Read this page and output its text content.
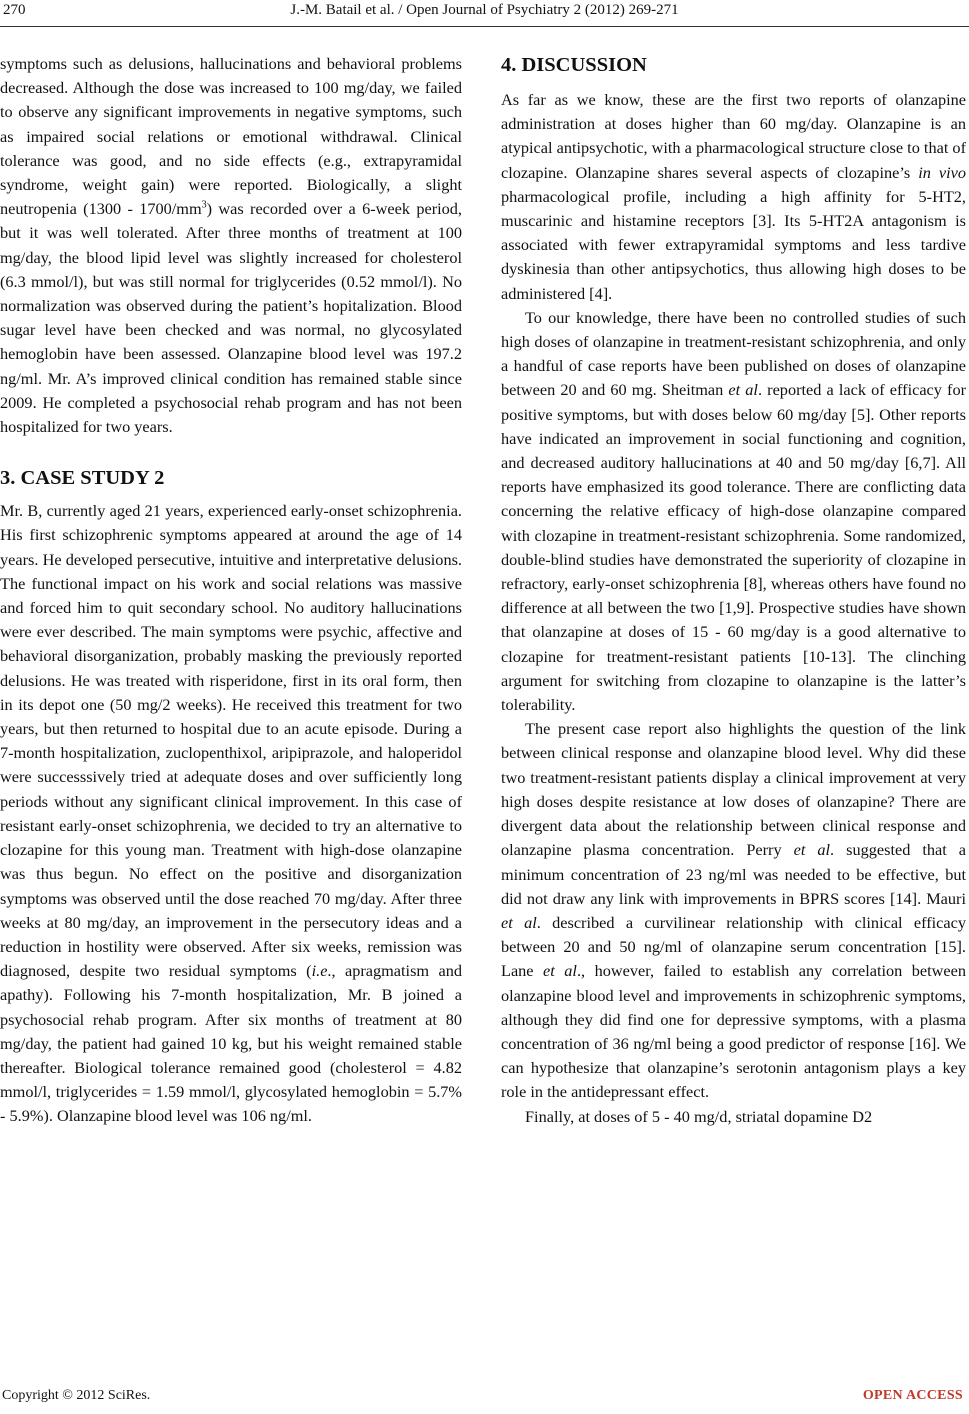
270	J.-M. Batail et al. / Open Journal of Psychiatry 2 (2012) 269-271

symptoms such as delusions, hallucinations and behavioral problems decreased. Although the dose was increased to 100 mg/day, we failed to observe any significant improvements in negative symptoms, such as impaired social relations or emotional withdrawal. Clinical tolerance was good, and no side effects (e.g., extrapyramidal syndrome, weight gain) were reported. Biologically, a slight neutropenia $(1300 - 1700/mm^3)$ was recorded over a 6-week period, but it was well tolerated. After three months of treatment at 100 mg/day, the blood lipid level was slightly increased for cholesterol (6.3 mmol/l), but was still normal for triglycerides (0.52 mmol/l). No normalization was observed during the patient’s hopitalization. Blood sugar level have been checked and was normal, no glycosylated hemoglobin have been assessed. Olanzapine blood level was 197.2 ng/ml. Mr. A’s improved clinical condition has remained stable since 2009. He completed a psychosocial rehab program and has not been hospitalized for two years.

3. CASE STUDY 2

Mr. B, currently aged 21 years, experienced early-onset schizophrenia. His first schizophrenic symptoms appeared at around the age of 14 years. He developed persecutive, intuitive and interpretative delusions. The functional impact on his work and social relations was massive and forced him to quit secondary school. No auditory hallucinations were ever described. The main symptoms were psychic, affective and behavioral disorganization, probably masking the previously reported delusions. He was treated with risperidone, first in its oral form, then in its depot one (50 mg/2 weeks). He received this treatment for two years, but then returned to hospital due to an acute episode. During a 7-month hospitalization, zuclopenthixol, aripiprazole, and haloperidol were successsively tried at adequate doses and over sufficiently long periods without any significant clinical improvement. In this case of resistant early-onset schizophrenia, we decided to try an alternative to clozapine for this young man. Treatment with high-dose olanzapine was thus begun. No effect on the positive and disorganization symptoms was observed until the dose reached 70 mg/day. After three weeks at 80 mg/day, an improvement in the persecutory ideas and a reduction in hostility were observed. After six weeks, remission was diagnosed, despite two residual symptoms (i.e., apragmatism and apathy). Following his 7-month hospitalization, Mr. B joined a psychosocial rehab program. After six months of treatment at 80 mg/day, the patient had gained 10 kg, but his weight remained stable thereafter. Biological tolerance remained good (cholesterol = 4.82 mmol/l, triglycerides = 1.59 mmol/l, glycosylated hemoglobin = 5.7% - 5.9%). Olanzapine blood level was 106 ng/ml.

4. DISCUSSION

As far as we know, these are the first two reports of olanzapine administration at doses higher than 60 mg/day. Olanzapine is an atypical antipsychotic, with a pharmacological structure close to that of clozapine. Olanzapine shares several aspects of clozapine’s in vivo pharmacological profile, including a high affinity for 5-HT2, muscarinic and histamine receptors [3]. Its 5-HT2A antagonism is associated with fewer extrapyramidal symptoms and less tardive dyskinesia than other antipsychotics, thus allowing high doses to be administered [4].

To our knowledge, there have been no controlled studies of such high doses of olanzapine in treatment-resistant schizophrenia, and only a handful of case reports have been published on doses of olanzapine between 20 and 60 mg. Sheitman et al. reported a lack of efficacy for positive symptoms, but with doses below 60 mg/day [5]. Other reports have indicated an improvement in social functioning and cognition, and decreased auditory hallucinations at 40 and 50 mg/day [6,7]. All reports have emphasized its good tolerance. There are conflicting data concerning the relative efficacy of high-dose olanzapine compared with clozapine in treatment-resistant schizophrenia. Some randomized, double-blind studies have demonstrated the superiority of clozapine in refractory, early-onset schizophrenia [8], whereas others have found no difference at all between the two [1,9]. Prospective studies have shown that olanzapine at doses of 15 - 60 mg/day is a good alternative to clozapine for treatment-resistant patients [10-13]. The clinching argument for switching from clozapine to olanzapine is the latter’s tolerability.

The present case report also highlights the question of the link between clinical response and olanzapine blood level. Why did these two treatment-resistant patients display a clinical improvement at very high doses despite resistance at low doses of olanzapine? There are divergent data about the relationship between clinical response and olanzapine plasma concentration. Perry et al. suggested that a minimum concentration of 23 ng/ml was needed to be effective, but did not draw any link with improvements in BPRS scores [14]. Mauri et al. described a curvilinear relationship with clinical efficacy between 20 and 50 ng/ml of olanzapine serum concentration [15]. Lane et al., however, failed to establish any correlation between olanzapine blood level and improvements in schizophrenic symptoms, although they did find one for depressive symptoms, with a plasma concentration of 36 ng/ml being a good predictor of response [16]. We can hypothesize that olanzapine’s serotonin antagonism plays a key role in the antidepressant effect.

Finally, at doses of 5 - 40 mg/d, striatal dopamine D2

Copyright © 2012 SciRes.	OPEN ACCESS
